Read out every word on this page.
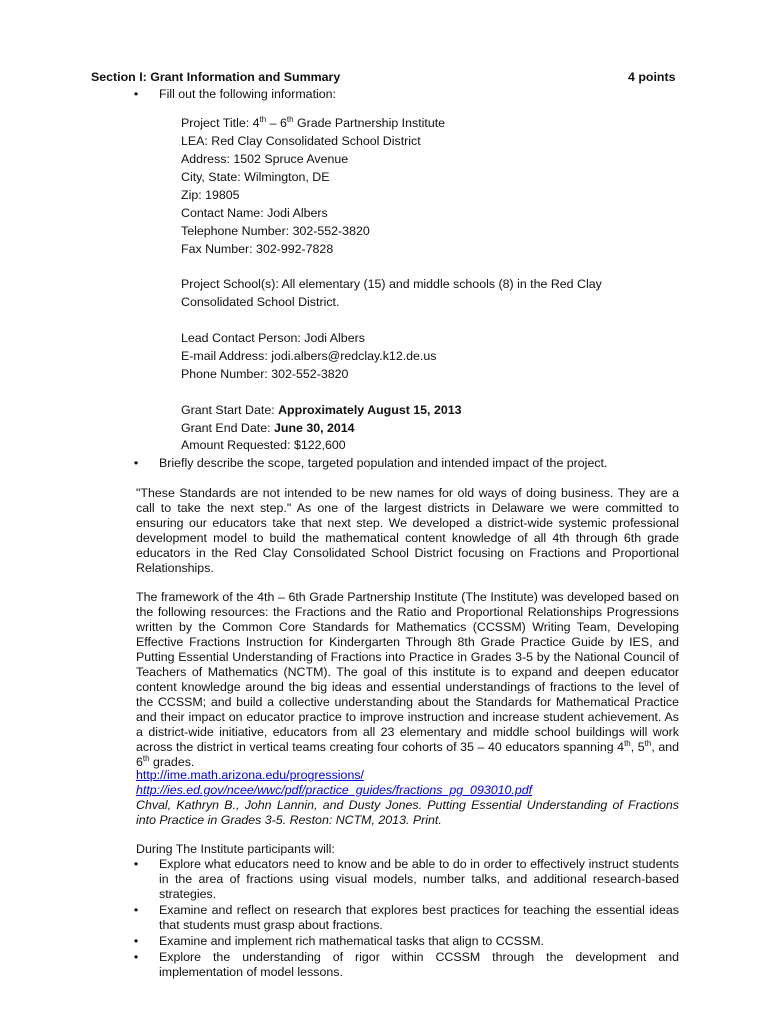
Section I: Grant Information and Summary	4 points
• Fill out the following information:
Project Title: 4th – 6th Grade Partnership Institute
LEA: Red Clay Consolidated School District
Address: 1502 Spruce Avenue
City, State: Wilmington, DE
Zip: 19805
Contact Name: Jodi Albers
Telephone Number: 302-552-3820
Fax Number: 302-992-7828
Project School(s): All elementary (15) and middle schools (8) in the Red Clay
Consolidated School District.
Lead Contact Person: Jodi Albers
E-mail Address: jodi.albers@redclay.k12.de.us
Phone Number: 302-552-3820
Grant Start Date: Approximately August 15, 2013
Grant End Date: June 30, 2014
Amount Requested: $122,600
• Briefly describe the scope, targeted population and intended impact of the project.
"These Standards are not intended to be new names for old ways of doing business. They are a call to take the next step." As one of the largest districts in Delaware we were committed to ensuring our educators take that next step. We developed a district-wide systemic professional development model to build the mathematical content knowledge of all 4th through 6th grade educators in the Red Clay Consolidated School District focusing on Fractions and Proportional Relationships.
The framework of the 4th – 6th Grade Partnership Institute (The Institute) was developed based on the following resources: the Fractions and the Ratio and Proportional Relationships Progressions written by the Common Core Standards for Mathematics (CCSSM) Writing Team, Developing Effective Fractions Instruction for Kindergarten Through 8th Grade Practice Guide by IES, and Putting Essential Understanding of Fractions into Practice in Grades 3-5 by the National Council of Teachers of Mathematics (NCTM). The goal of this institute is to expand and deepen educator content knowledge around the big ideas and essential understandings of fractions to the level of the CCSSM; and build a collective understanding about the Standards for Mathematical Practice and their impact on educator practice to improve instruction and increase student achievement. As a district-wide initiative, educators from all 23 elementary and middle school buildings will work across the district in vertical teams creating four cohorts of 35 – 40 educators spanning 4th, 5th, and 6th grades.
http://ime.math.arizona.edu/progressions/
http://ies.ed.gov/ncee/wwc/pdf/practice_guides/fractions_pg_093010.pdf
Chval, Kathryn B., John Lannin, and Dusty Jones. Putting Essential Understanding of Fractions into Practice in Grades 3-5. Reston: NCTM, 2013. Print.
During The Institute participants will:
• Explore what educators need to know and be able to do in order to effectively instruct students in the area of fractions using visual models, number talks, and additional research-based strategies.
• Examine and reflect on research that explores best practices for teaching the essential ideas that students must grasp about fractions.
• Examine and implement rich mathematical tasks that align to CCSSM.
• Explore the understanding of rigor within CCSSM through the development and implementation of model lessons.
